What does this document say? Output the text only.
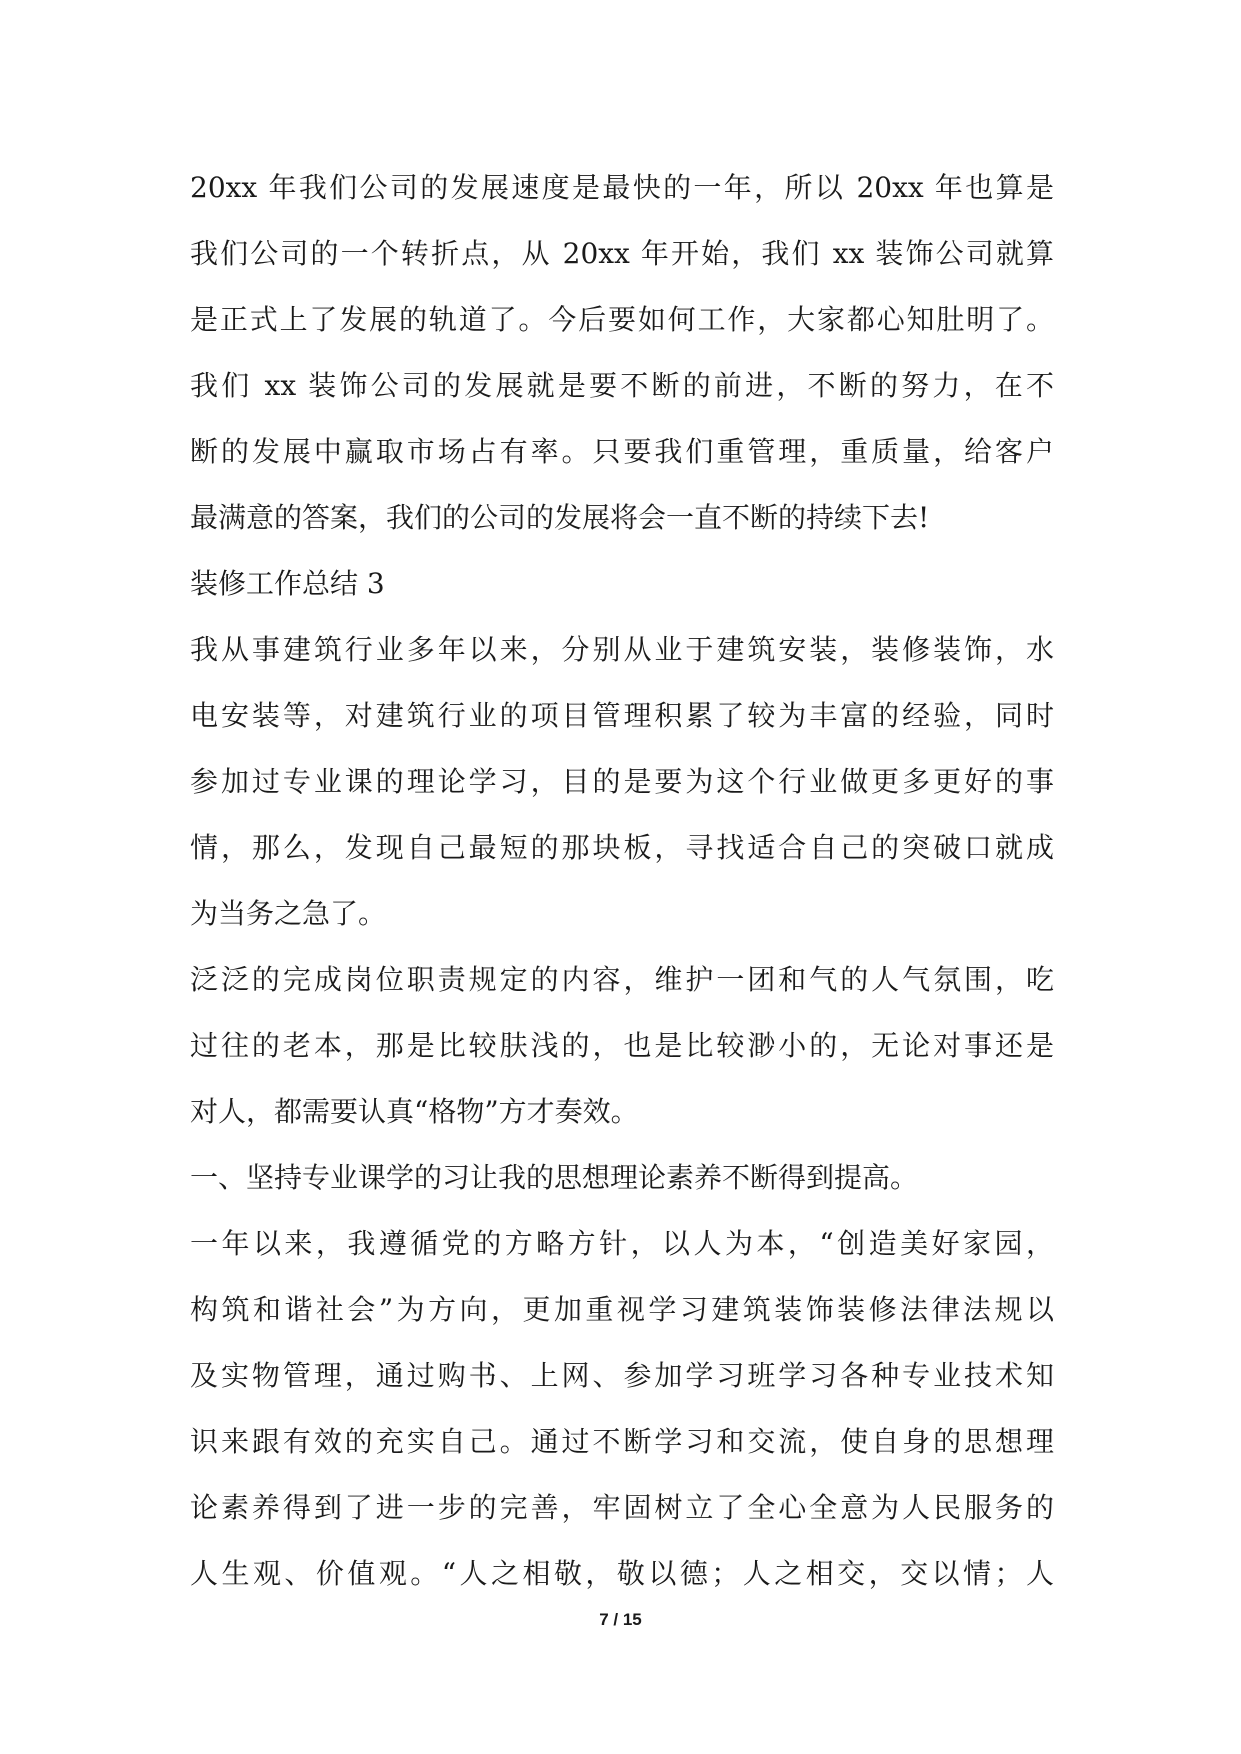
20xx 年我们公司的发展速度是最快的一年，所以 20xx 年也算是
我们公司的一个转折点，从 20xx 年开始，我们 xx 装饰公司就算
是正式上了发展的轨道了。今后要如何工作，大家都心知肚明了。
我们 xx 装饰公司的发展就是要不断的前进，不断的努力，在不
断的发展中赢取市场占有率。只要我们重管理，重质量，给客户
最满意的答案，我们的公司的发展将会一直不断的持续下去!
装修工作总结 3
我从事建筑行业多年以来，分别从业于建筑安装，装修装饰，水
电安装等，对建筑行业的项目管理积累了较为丰富的经验，同时
参加过专业课的理论学习，目的是要为这个行业做更多更好的事
情，那么，发现自己最短的那块板，寻找适合自己的突破口就成
为当务之急了。
泛泛的完成岗位职责规定的内容，维护一团和气的人气氛围，吃
过往的老本，那是比较肤浅的，也是比较渺小的，无论对事还是
对人，都需要认真“格物”方才奏效。
一、坚持专业课学的习让我的思想理论素养不断得到提高。
一年以来，我遵循党的方略方针，以人为本，“创造美好家园，
构筑和谐社会”为方向，更加重视学习建筑装饰装修法律法规以
及实物管理，通过购书、上网、参加学习班学习各种专业技术知
识来跟有效的充实自己。通过不断学习和交流，使自身的思想理
论素养得到了进一步的完善，牢固树立了全心全意为人民服务的
人生观、价值观。“人之相敬，敬以德；人之相交，交以情；人
7 / 15
